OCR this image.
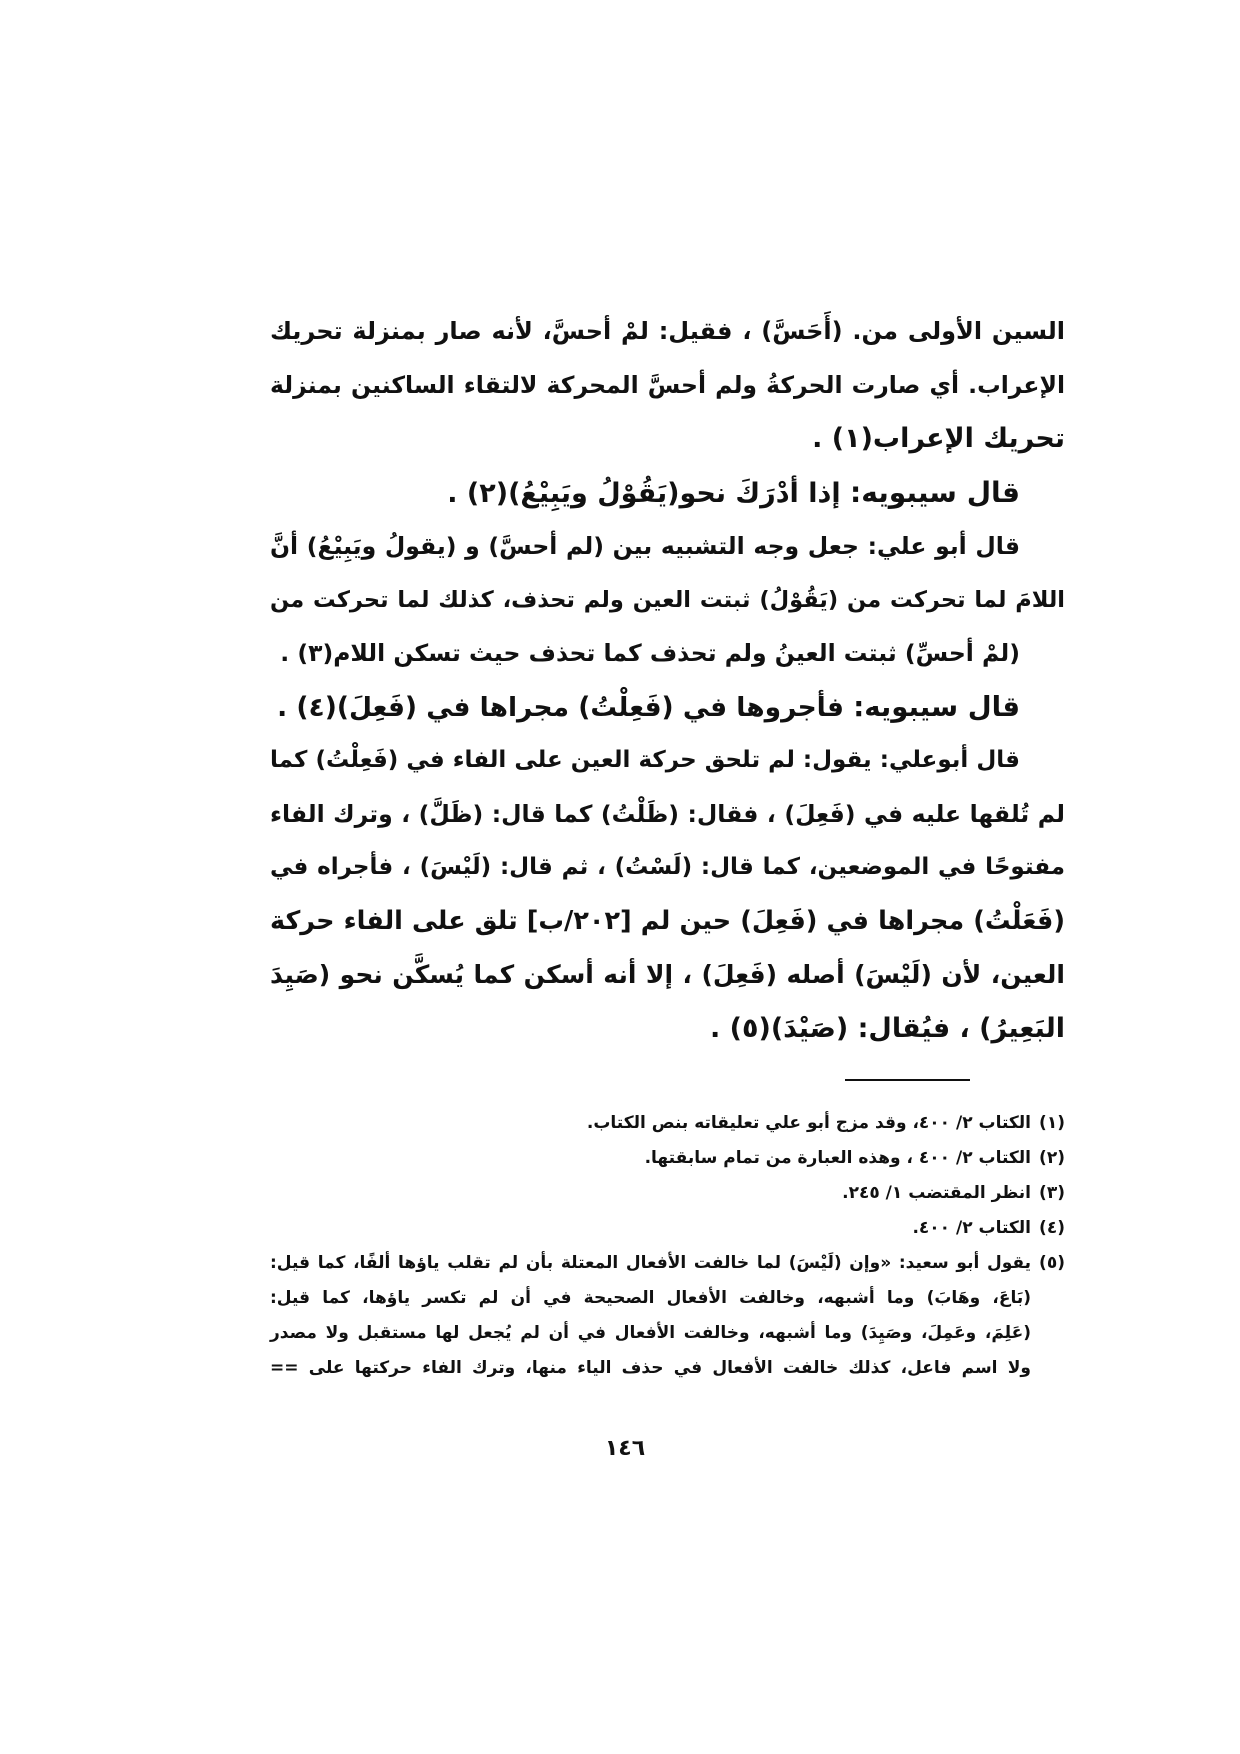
السين الأولى من. (أَحَسَّ) ، فقيل: لمْ أحسَّ، لأنه صار بمنزلة تحريك
الإعراب. أي صارت الحركةُ ولم أحسَّ المحركة لالتقاء الساكنين بمنزلة
تحريك الإعراب(١) .
قال سيبويه: إذا أدْرَكَ نحو(يَقُوْلُ ويَبِيْعُ)(٢) .
قال أبو علي: جعل وجه التشبيه بين (لم أحسَّ) و (يقولُ ويَبِيْعُ) أنَّ
اللامَ لما تحركت من (يَقُوْلُ) ثبتت العين ولم تحذف، كذلك لما تحركت من
(لمْ أحسِّ) ثبتت العينُ ولم تحذف كما تحذف حيث تسكن اللام(٣) .
قال سيبويه: فأجروها في (فَعِلْتُ) مجراها في (فَعِلَ)(٤) .
قال أبوعلي: يقول: لم تلحق حركة العين على الفاء في (فَعِلْتُ) كما
لم تُلقها عليه في (فَعِلَ) ، فقال: (ظَلْتُ) كما قال: (ظَلَّ) ، وترك الفاء
مفتوحًا في الموضعين، كما قال: (لَسْتُ) ، ثم قال: (لَيْسَ) ، فأجراه في
(فَعَلْتُ) مجراها في (فَعِلَ) حين لم [٢٠٢/ب] تلق على الفاء حركة
العين، لأن (لَيْسَ) أصله (فَعِلَ) ، إلا أنه أسكن كما يُسكَّن نحو (صَيِدَ
البَعِيرُ) ، فيُقال: (صَيْدَ)(٥) .
(١)
الكتاب ٢/ ٤٠٠، وقد مزج أبو علي تعليقاته بنص الكتاب.
(٢)
الكتاب ٢/ ٤٠٠ ، وهذه العبارة من تمام سابقتها.
(٣)
انظر المقتضب ١/ ٢٤٥.
(٤)
الكتاب ٢/ ٤٠٠.
(٥)
يقول أبو سعيد: «وإن (لَيْسَ) لما خالفت الأفعال المعتلة بأن لم تقلب ياؤها ألفًا، كما قيل:
(بَاعَ، وهَابَ) وما أشبهه، وخالفت الأفعال الصحيحة في أن لم تكسر ياؤها، كما قيل:
(عَلِمَ، وعَمِلَ، وصَيِدَ) وما أشبهه، وخالفت الأفعال في أن لم يُجعل لها مستقبل ولا مصدر
ولا اسم فاعل، كذلك خالفت الأفعال في حذف الياء منها، وترك الفاء حركتها على ==
١٤٦
